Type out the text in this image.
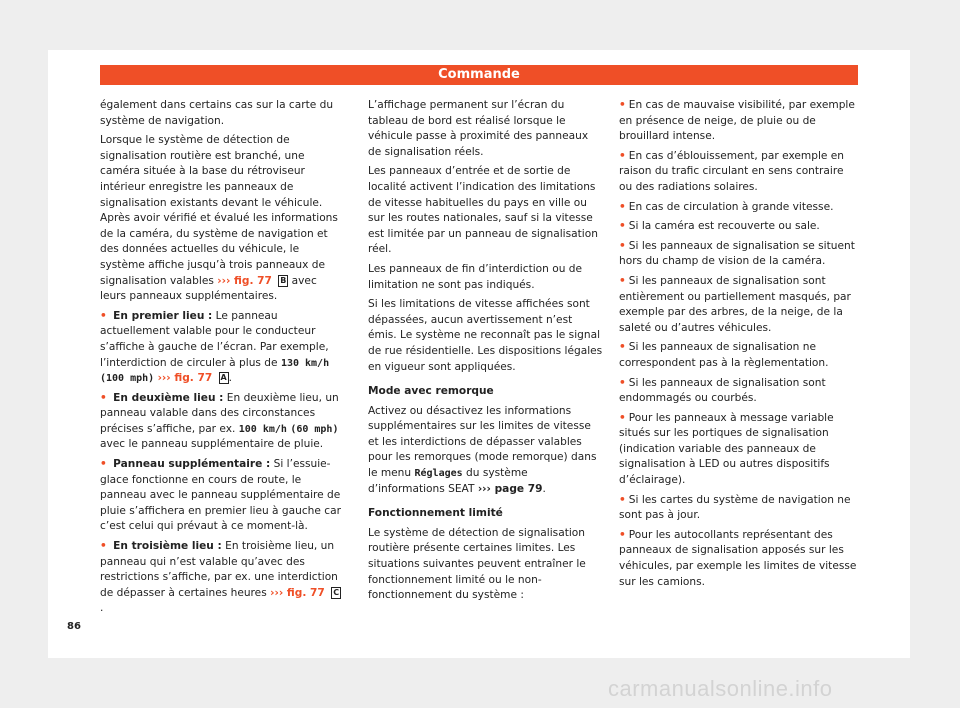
Commande

également dans certains cas sur la carte du système de navigation.

Lorsque le système de détection de signalisation routière est branché, une caméra située à la base du rétroviseur intérieur enregistre les panneaux de signalisation existants devant le véhicule. Après avoir vérifié et évalué les informations de la caméra, du système de navigation et des données actuelles du véhicule, le système affiche jusqu’à trois panneaux de signalisation valables ››› fig. 77 B avec leurs panneaux supplémentaires.

• En premier lieu : Le panneau actuellement valable pour le conducteur s’affiche à gauche de l’écran. Par exemple, l’interdiction de circuler à plus de 130 km/h (100 mph) ››› fig. 77 A .

• En deuxième lieu : En deuxième lieu, un panneau valable dans des circonstances précises s’affiche, par ex. 100 km/h (60 mph) avec le panneau supplémentaire de pluie.

• Panneau supplémentaire : Si l’essuie-glace fonctionne en cours de route, le panneau avec le panneau supplémentaire de pluie s’affichera en premier lieu à gauche car c’est celui qui prévaut à ce moment-là.

• En troisième lieu : En troisième lieu, un panneau qui n’est valable qu’avec des restrictions s’affiche, par ex. une interdiction de dépasser à certaines heures ››› fig. 77 C.

L’affichage permanent sur l’écran du tableau de bord est réalisé lorsque le véhicule passe à proximité des panneaux de signalisation réels.

Les panneaux d’entrée et de sortie de localité activent l’indication des limitations de vitesse habituelles du pays en ville ou sur les routes nationales, sauf si la vitesse est limitée par un panneau de signalisation réel.

Les panneaux de fin d’interdiction ou de limitation ne sont pas indiqués.

Si les limitations de vitesse affichées sont dépassées, aucun avertissement n’est émis. Le système ne reconnaît pas le signal de rue résidentielle. Les dispositions légales en vigueur sont appliquées.

Mode avec remorque

Activez ou désactivez les informations supplémentaires sur les limites de vitesse et les interdictions de dépasser valables pour les remorques (mode remorque) dans le menu Réglages du système d’informations SEAT ››› page 79.

Fonctionnement limité

Le système de détection de signalisation routière présente certaines limites. Les situations suivantes peuvent entraîner le fonctionnement limité ou le non-fonctionnement du système :

• En cas de mauvaise visibilité, par exemple en présence de neige, de pluie ou de brouillard intense.

• En cas d’éblouissement, par exemple en raison du trafic circulant en sens contraire ou des radiations solaires.

• En cas de circulation à grande vitesse.

• Si la caméra est recouverte ou sale.

• Si les panneaux de signalisation se situent hors du champ de vision de la caméra.

• Si les panneaux de signalisation sont entièrement ou partiellement masqués, par exemple par des arbres, de la neige, de la saleté ou d’autres véhicules.

• Si les panneaux de signalisation ne correspondent pas à la règlementation.

• Si les panneaux de signalisation sont endommagés ou courbés.

• Pour les panneaux à message variable situés sur les portiques de signalisation (indication variable des panneaux de signalisation à LED ou autres dispositifs d’éclairage).

• Si les cartes du système de navigation ne sont pas à jour.

• Pour les autocollants représentant des panneaux de signalisation apposés sur les véhicules, par exemple les limites de vitesse sur les camions.

86
carmanualsonline.info
